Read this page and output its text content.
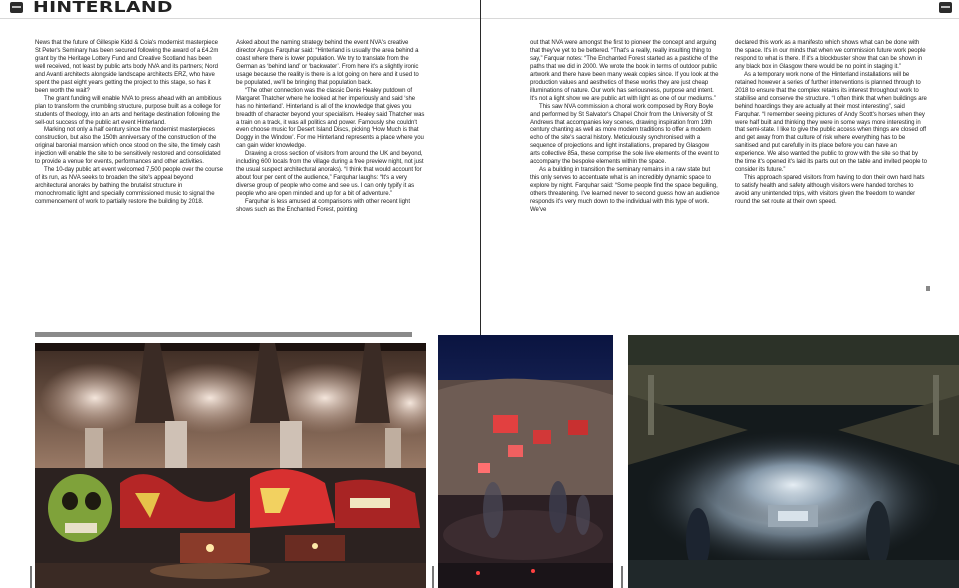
HINTERLAND

News that the future of Gillespie Kidd & Coia's modernist masterpiece St Peter's Seminary has been secured following the award of a £4.2m grant by the Heritage Lottery Fund and Creative Scotland has been well received, not least by public arts body NVA and its partners; Nord and Avanti architects alongside landscape architects ERZ, who have spent the past eight years getting the project to this stage, so has it been worth the wait?

The grant funding will enable NVA to press ahead with an ambitious plan to transform the crumbling structure, purpose built as a college for students of theology, into an arts and heritage destination following the sell-out success of the public art event Hinterland.

Marking not only a half century since the modernist masterpieces construction, but also the 150th anniversary of the construction of the original baronial mansion which once stood on the site, the timely cash injection will enable the site to be sensitively restored and consolidated to provide a venue for events, performances and other activities.

The 10-day public art event welcomed 7,500 people over the course of its run, as NVA seeks to broaden the site's appeal beyond architectural anoraks by bathing the brutalist structure in monochromatic light and specially commissioned music to signal the commencement of work to partially restore the building by 2018.

Asked about the naming strategy behind the event NVA's creative director Angus Farquhar said: “Hinterland is usually the area behind a coast where there is lower population. We try to translate from the German as ‘behind land’ or ‘backwater’. From here it's a slightly ironic usage because the reality is there is a lot going on here and it used to be populated, we'll be bringing that population back.

“The other connection was the classic Denis Healey putdown of Margaret Thatcher where he looked at her imperiously and said ‘she has no hinterland’. Hinterland is all of the knowledge that gives you breadth of character beyond your specialism. Healey said Thatcher was a train on a track, it was all politics and power. Famously she couldn't even choose music for Desert Island Discs, picking ‘How Much is that Doggy in the Window’. For me Hinterland represents a place where you can gain wider knowledge.

Drawing a cross section of visitors from around the UK and beyond, including 600 locals from the village during a free preview night, not just the usual suspect architectural anoraks). “I think that would account for about four per cent of the audience,” Farquhar laughs: “It's a very diverse group of people who come and see us. I can only typify it as people who are open minded and up for a bit of adventure.”

Farquhar is less amused at comparisons with other recent light shows such as the Enchanted Forest, pointing

out that NVA were amongst the first to pioneer the concept and arguing that they've yet to be bettered. “That's a really, really insulting thing to say,” Farquar notes: “The Enchanted Forest started as a pastiche of the paths that we did in 2000. We wrote the book in terms of outdoor public artwork and there have been many weak copies since. If you look at the production values and aesthetics of these works they are just cheap illuminations of nature. Our work has seriousness, purpose and intent. It's not a light show we are public art with light as one of our mediums.”

This saw NVA commission a choral work composed by Rory Boyle and performed by St Salvator's Chapel Choir from the University of St Andrews that accompanies key scenes, drawing inspiration from 19th century chanting as well as more modern traditions to offer a modern echo of the site's sacral history. Meticulously synchronised with a sequence of projections and light installations, prepared by Glasgow arts collective 85a, these comprise the sole live elements of the event to accompany the bespoke elements within the space.

As a building in transition the seminary remains in a raw state but this only serves to accentuate what is an incredibly dynamic space to explore by night. Farquhar said: “Some people find the space beguiling, others threatening. I've learned never to second guess how an audience responds it's very much down to the individual with this type of work. We've

declared this work as a manifesto which shows what can be done with the space. It's in our minds that when we commission future work people respond to what is there. If it's a blockbuster show that can be shown in any black box in Glasgow there would be no point in staging it.”

As a temporary work none of the Hinterland installations will be retained however a series of further interventions is planned through to 2018 to ensure that the complex retains its interest throughout work to stabilise and conserve the structure. “I often think that when buildings are behind hoardings they are actually at their most interesting”, said Farquhar. “I remember seeing pictures of Andy Scott's horses when they were half built and thinking they were in some ways more interesting in that semi-state. I like to give the public access when things are closed off and get away from that culture of risk where everything has to be sanitised and put carefully in its place before you can have an experience. We also wanted the public to grow with the site so that by the time it's opened it's laid its parts out on the table and invited people to consider its future.”

This approach spared visitors from having to don their own hard hats to satisfy health and safety although visitors were handed torches to avoid any unintended trips, with visitors given the freedom to wander round the set route at their own speed.
